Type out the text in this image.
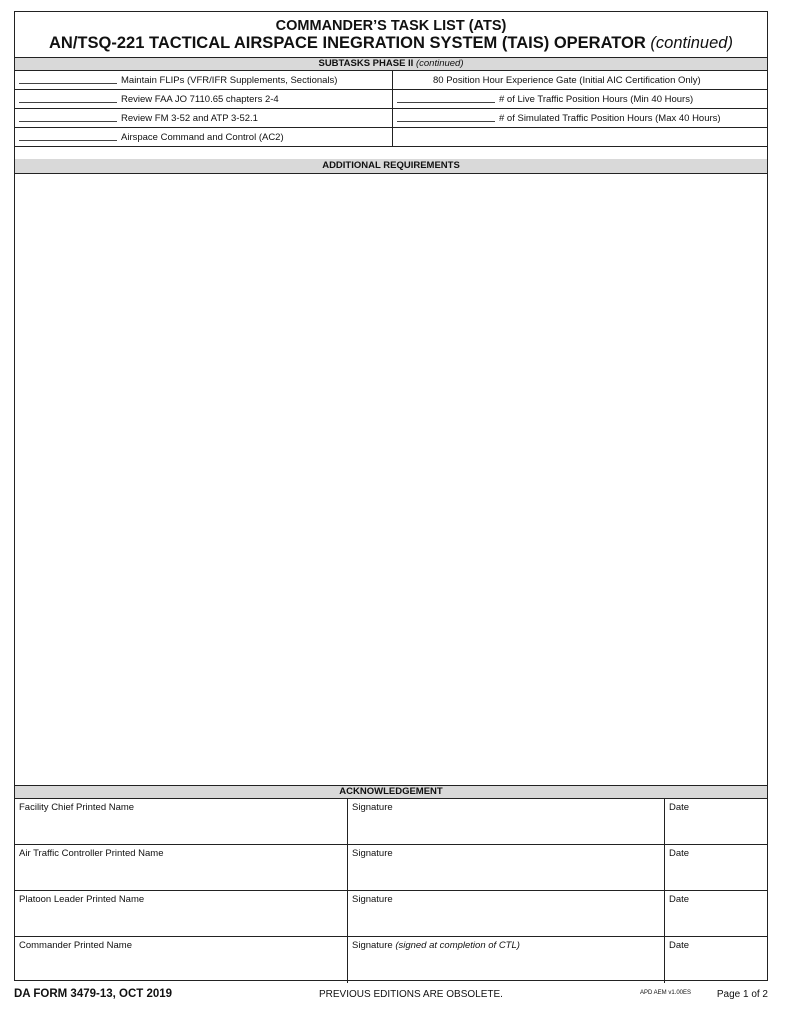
COMMANDER’S TASK LIST (ATS)
AN/TSQ-221 TACTICAL AIRSPACE INEGRATION SYSTEM (TAIS) OPERATOR (continued)
SUBTASKS PHASE II (continued)
Maintain FLIPs (VFR/IFR Supplements, Sectionals)	80 Position Hour Experience Gate (Initial AIC Certification Only)
Review FAA JO 7110.65 chapters 2-4	# of Live Traffic Position Hours (Min 40 Hours)
Review FM 3-52 and ATP 3-52.1	# of Simulated Traffic Position Hours (Max 40 Hours)
Airspace Command and Control (AC2)
ADDITIONAL REQUIREMENTS
ACKNOWLEDGEMENT
Facility Chief Printed Name	Signature	Date
Air Traffic Controller Printed Name	Signature	Date
Platoon Leader Printed Name	Signature	Date
Commander Printed Name	Signature (signed at completion of CTL)	Date
DA FORM 3479-13, OCT 2019	PREVIOUS EDITIONS ARE OBSOLETE.	APD AEM v1.00ES	Page 1 of 2
